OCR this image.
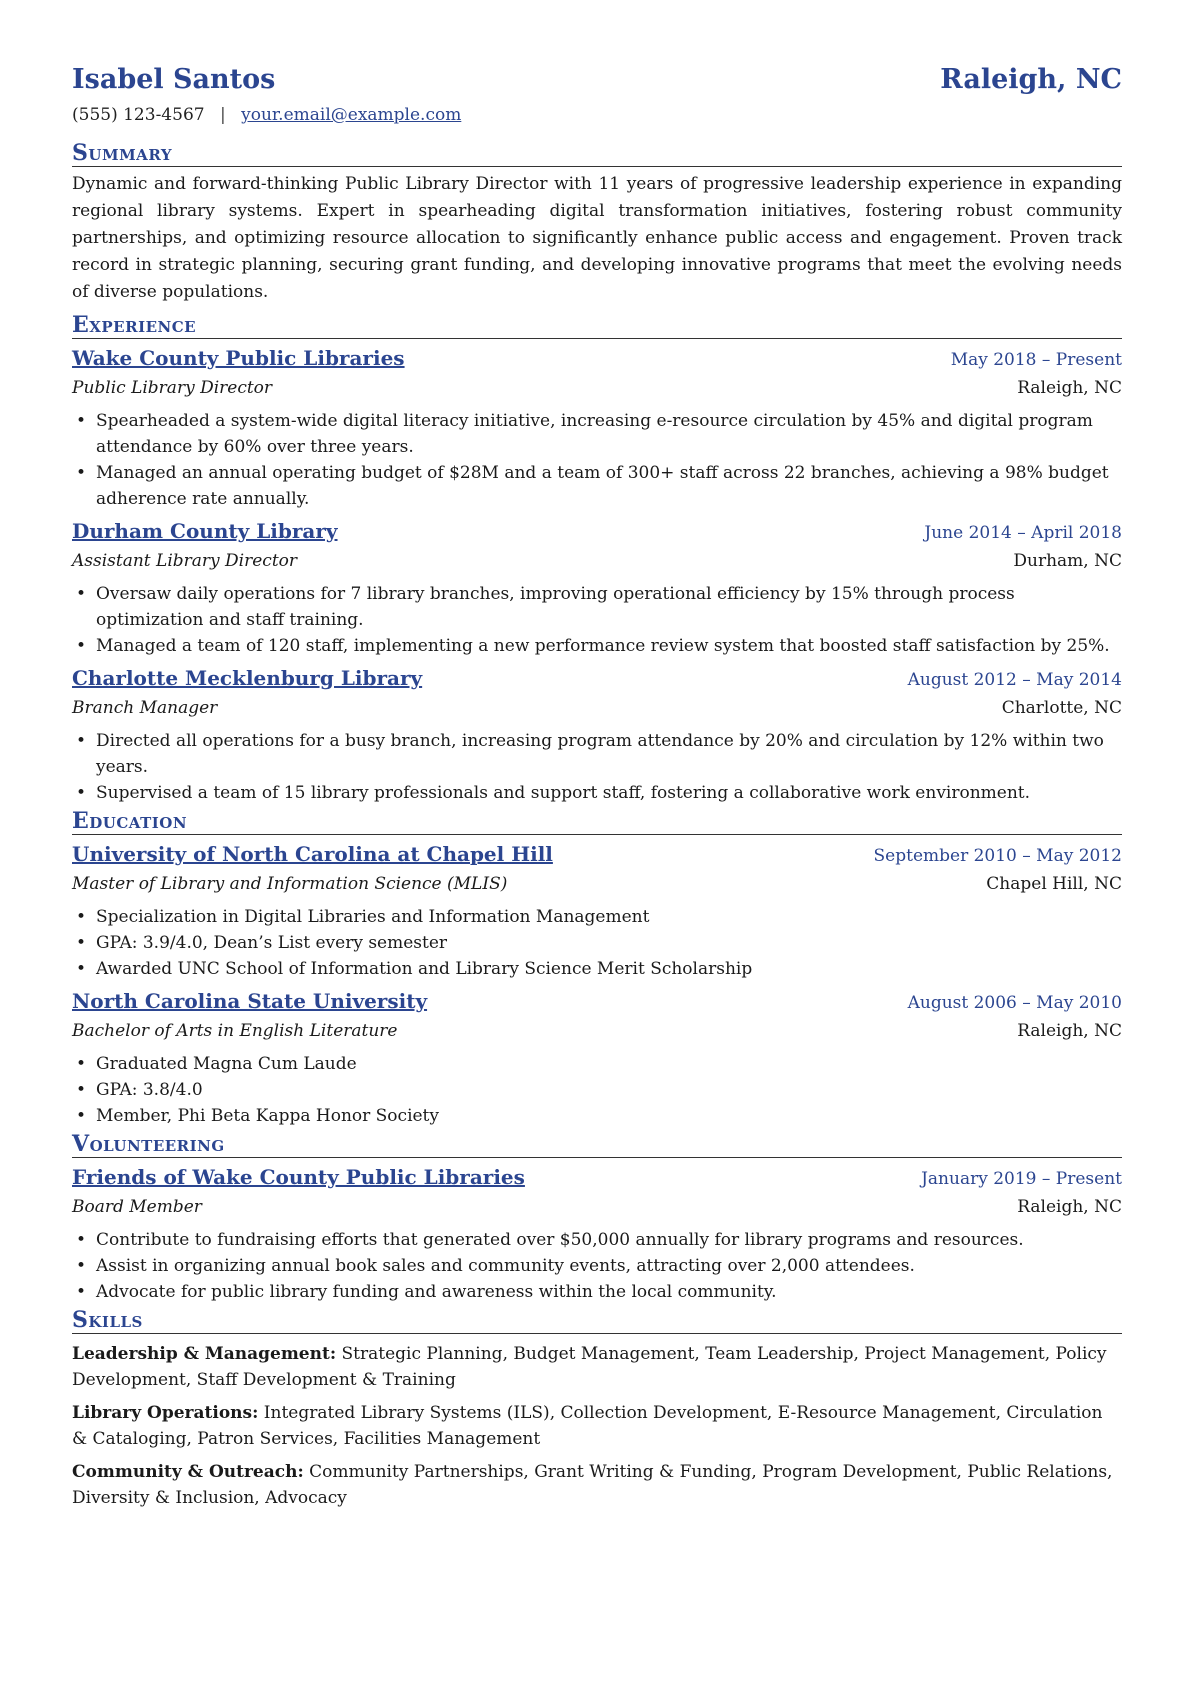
Isabel Santos	Raleigh, NC
(555) 123-4567 | your.email@example.com
Summary
Dynamic and forward-thinking Public Library Director with 11 years of progressive leadership experience in expanding regional library systems. Expert in spearheading digital transformation initiatives, fostering robust community partnerships, and optimizing resource allocation to significantly enhance public access and engagement. Proven track record in strategic planning, securing grant funding, and developing innovative programs that meet the evolving needs of diverse populations.
Experience
Wake County Public Libraries	May 2018 – Present
Public Library Director	Raleigh, NC
• Spearheaded a system-wide digital literacy initiative, increasing e-resource circulation by 45% and digital program attendance by 60% over three years.
• Managed an annual operating budget of $28M and a team of 300+ staff across 22 branches, achieving a 98% budget adherence rate annually.
Durham County Library	June 2014 – April 2018
Assistant Library Director	Durham, NC
• Oversaw daily operations for 7 library branches, improving operational efficiency by 15% through process optimization and staff training.
• Managed a team of 120 staff, implementing a new performance review system that boosted staff satisfaction by 25%.
Charlotte Mecklenburg Library	August 2012 – May 2014
Branch Manager	Charlotte, NC
• Directed all operations for a busy branch, increasing program attendance by 20% and circulation by 12% within two years.
• Supervised a team of 15 library professionals and support staff, fostering a collaborative work environment.
Education
University of North Carolina at Chapel Hill	September 2010 – May 2012
Master of Library and Information Science (MLIS)	Chapel Hill, NC
• Specialization in Digital Libraries and Information Management
• GPA: 3.9/4.0, Dean’s List every semester
• Awarded UNC School of Information and Library Science Merit Scholarship
North Carolina State University	August 2006 – May 2010
Bachelor of Arts in English Literature	Raleigh, NC
• Graduated Magna Cum Laude
• GPA: 3.8/4.0
• Member, Phi Beta Kappa Honor Society
Volunteering
Friends of Wake County Public Libraries	January 2019 – Present
Board Member	Raleigh, NC
• Contribute to fundraising efforts that generated over $50,000 annually for library programs and resources.
• Assist in organizing annual book sales and community events, attracting over 2,000 attendees.
• Advocate for public library funding and awareness within the local community.
Skills
Leadership & Management: Strategic Planning, Budget Management, Team Leadership, Project Management, Policy Development, Staff Development & Training
Library Operations: Integrated Library Systems (ILS), Collection Development, E-Resource Management, Circulation & Cataloging, Patron Services, Facilities Management
Community & Outreach: Community Partnerships, Grant Writing & Funding, Program Development, Public Relations, Diversity & Inclusion, Advocacy
